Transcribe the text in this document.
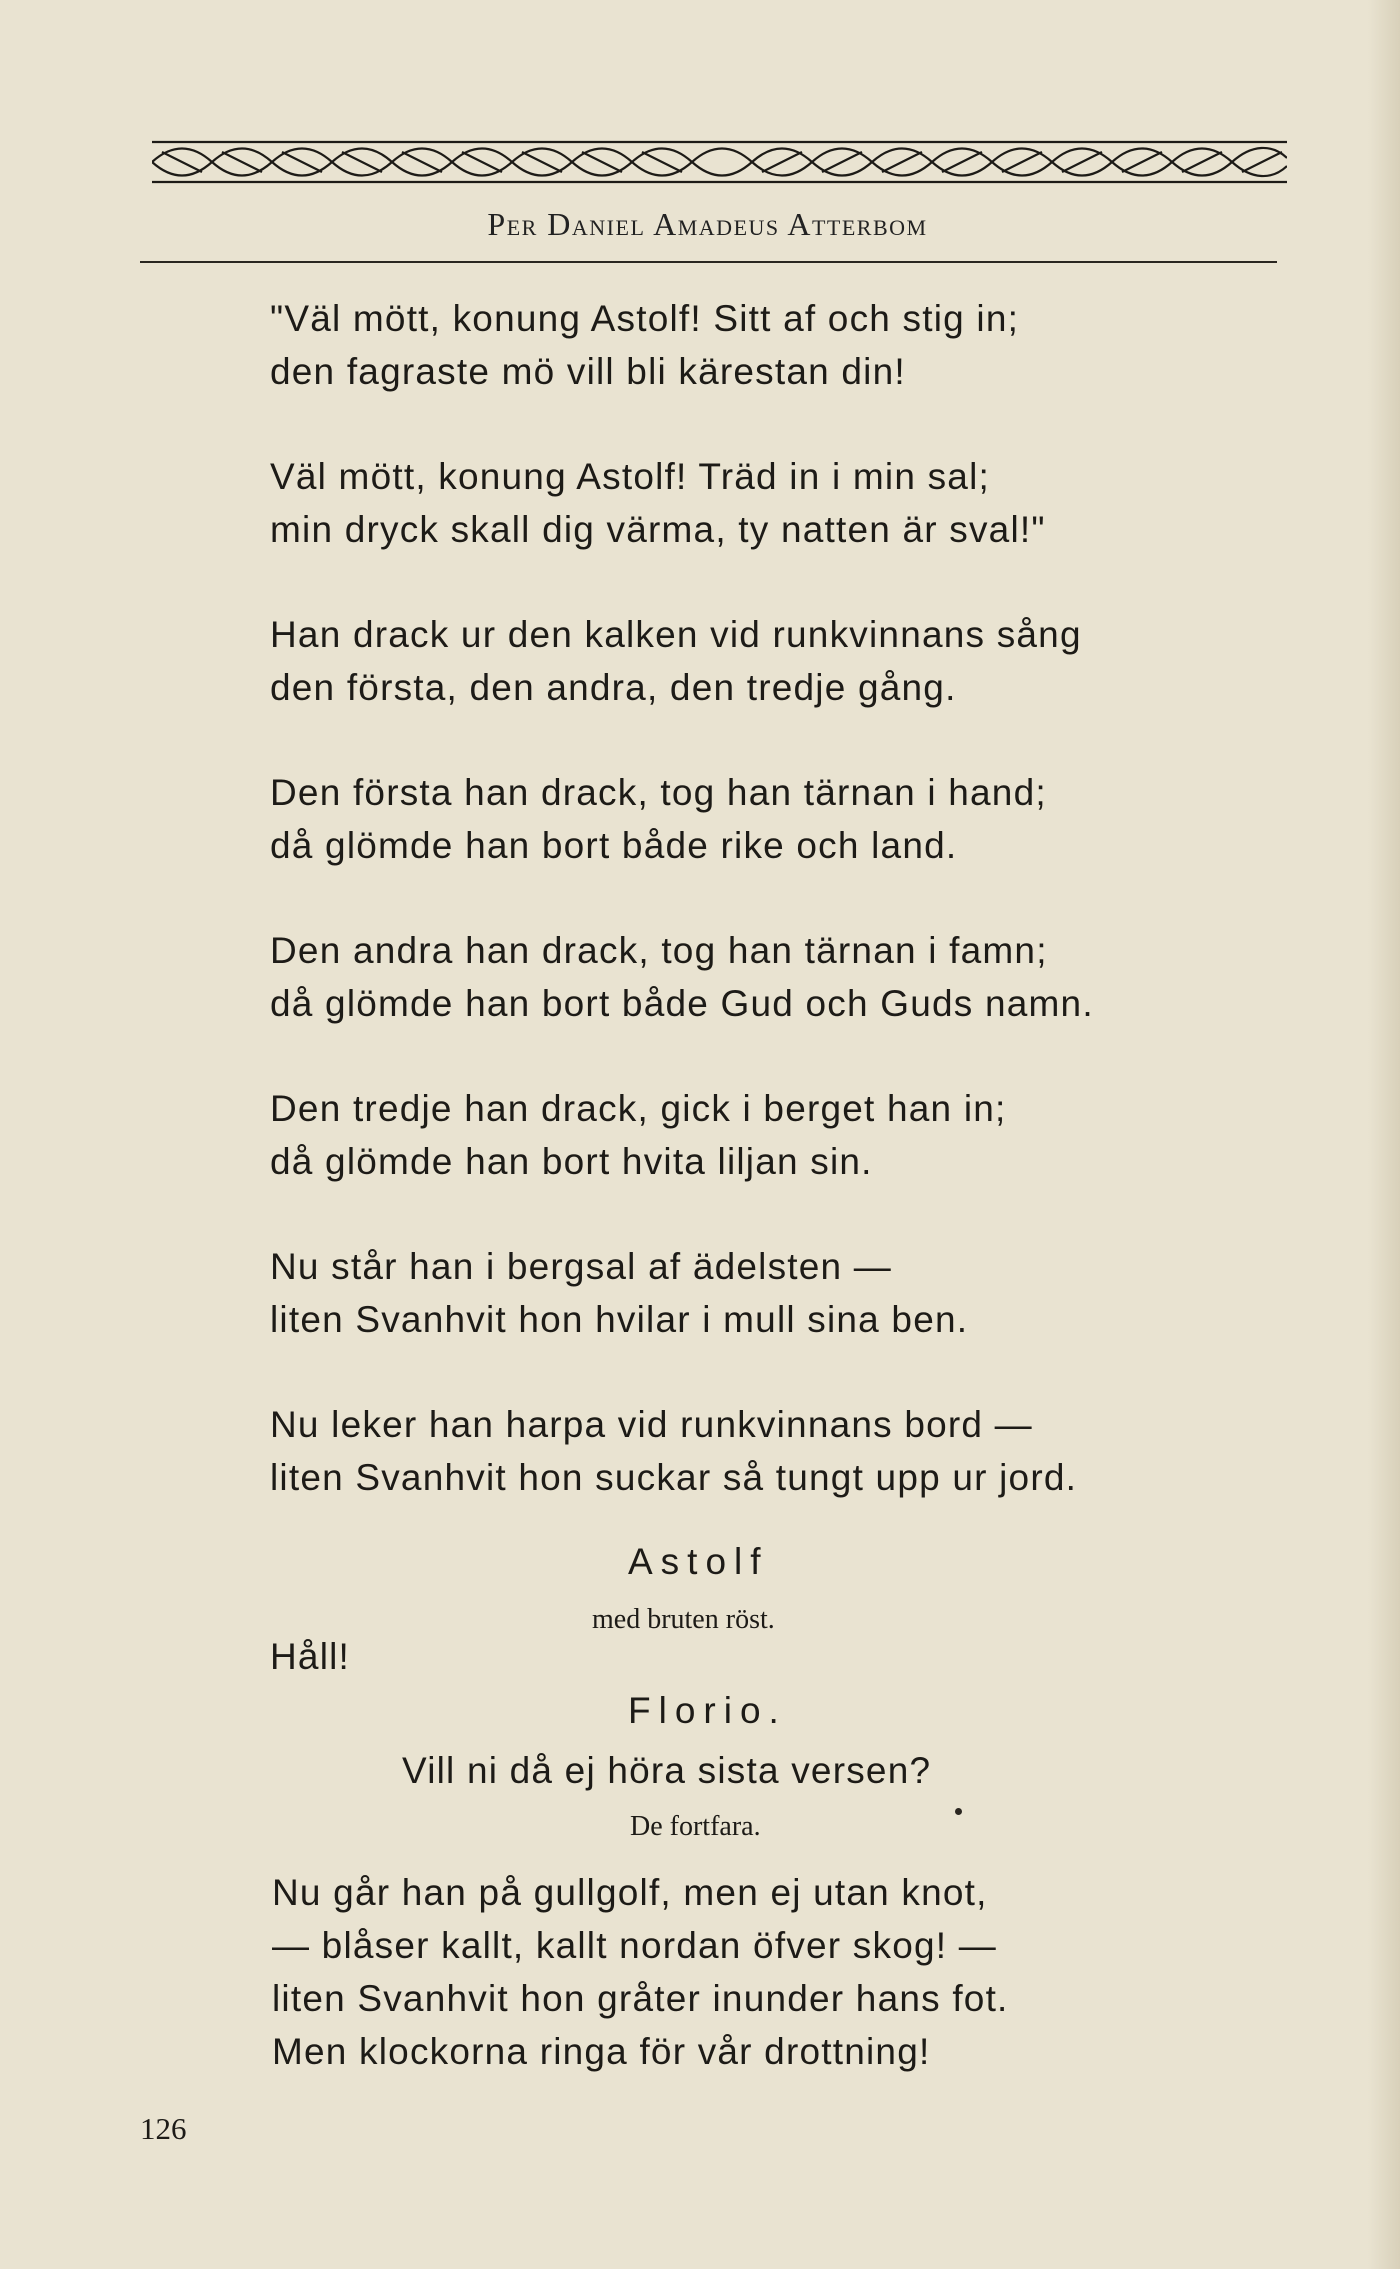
Per Daniel Amadeus Atterbom
"Väl mött, konung Astolf! Sitt af och stig in;
den fagraste mö vill bli kärestan din!
Väl mött, konung Astolf! Träd in i min sal;
min dryck skall dig värma, ty natten är sval!"
Han drack ur den kalken vid runkvinnans sång
den första, den andra, den tredje gång.
Den första han drack, tog han tärnan i hand;
då glömde han bort både rike och land.
Den andra han drack, tog han tärnan i famn;
då glömde han bort både Gud och Guds namn.
Den tredje han drack, gick i berget han in;
då glömde han bort hvita liljan sin.
Nu står han i bergsal af ädelsten —
liten Svanhvit hon hvilar i mull sina ben.
Nu leker han harpa vid runkvinnans bord —
liten Svanhvit hon suckar så tungt upp ur jord.
Astolf
med bruten röst.
Håll!
Florio.
Vill ni då ej höra sista versen?
De fortfara.
Nu går han på gullgolf, men ej utan knot,
— blåser kallt, kallt nordan öfver skog! —
liten Svanhvit hon gråter inunder hans fot.
Men klockorna ringa för vår drottning!
126
